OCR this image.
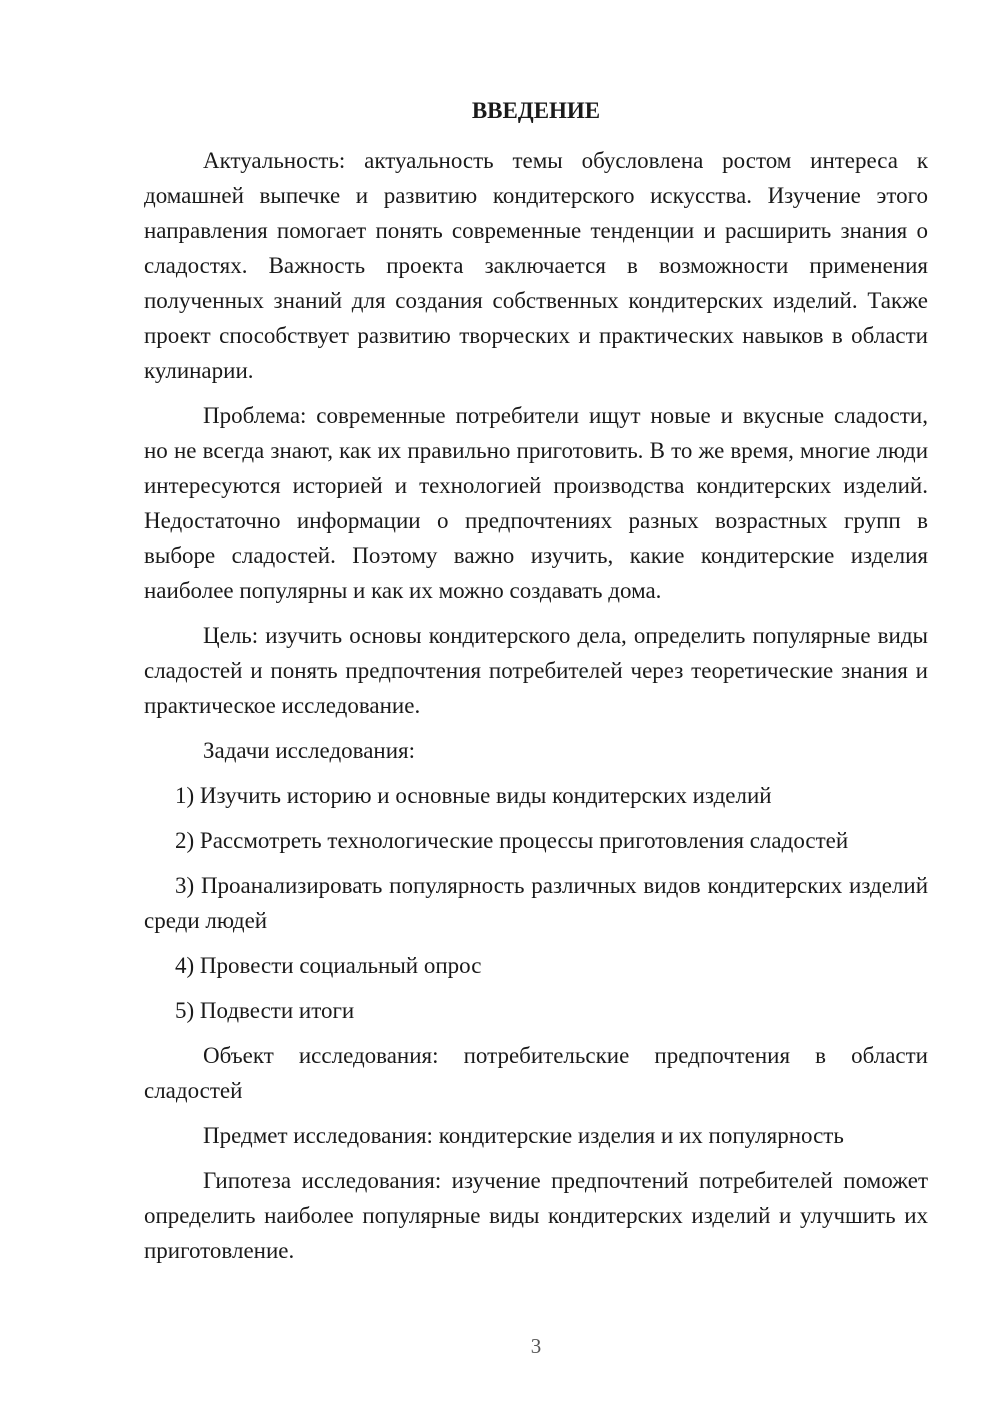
ВВЕДЕНИЕ

Актуальность: актуальность темы обусловлена ростом интереса к домашней выпечке и развитию кондитерского искусства. Изучение этого направления помогает понять современные тенденции и расширить знания о сладостях. Важность проекта заключается в возможности применения полученных знаний для создания собственных кондитерских изделий. Также проект способствует развитию творческих и практических навыков в области кулинарии.

Проблема: современные потребители ищут новые и вкусные сладости, но не всегда знают, как их правильно приготовить. В то же время, многие люди интересуются историей и технологией производства кондитерских изделий. Недостаточно информации о предпочтениях разных возрастных групп в выборе сладостей. Поэтому важно изучить, какие кондитерские изделия наиболее популярны и как их можно создавать дома.

Цель: изучить основы кондитерского дела, определить популярные виды сладостей и понять предпочтения потребителей через теоретические знания и практическое исследование.

Задачи исследования:

1) Изучить историю и основные виды кондитерских изделий

2) Рассмотреть технологические процессы приготовления сладостей

3) Проанализировать популярность различных видов кондитерских изделий среди людей

4) Провести социальный опрос

5) Подвести итоги

Объект исследования: потребительские предпочтения в области сладостей

Предмет исследования: кондитерские изделия и их популярность

Гипотеза исследования: изучение предпочтений потребителей поможет определить наиболее популярные виды кондитерских изделий и улучшить их приготовление.

3
